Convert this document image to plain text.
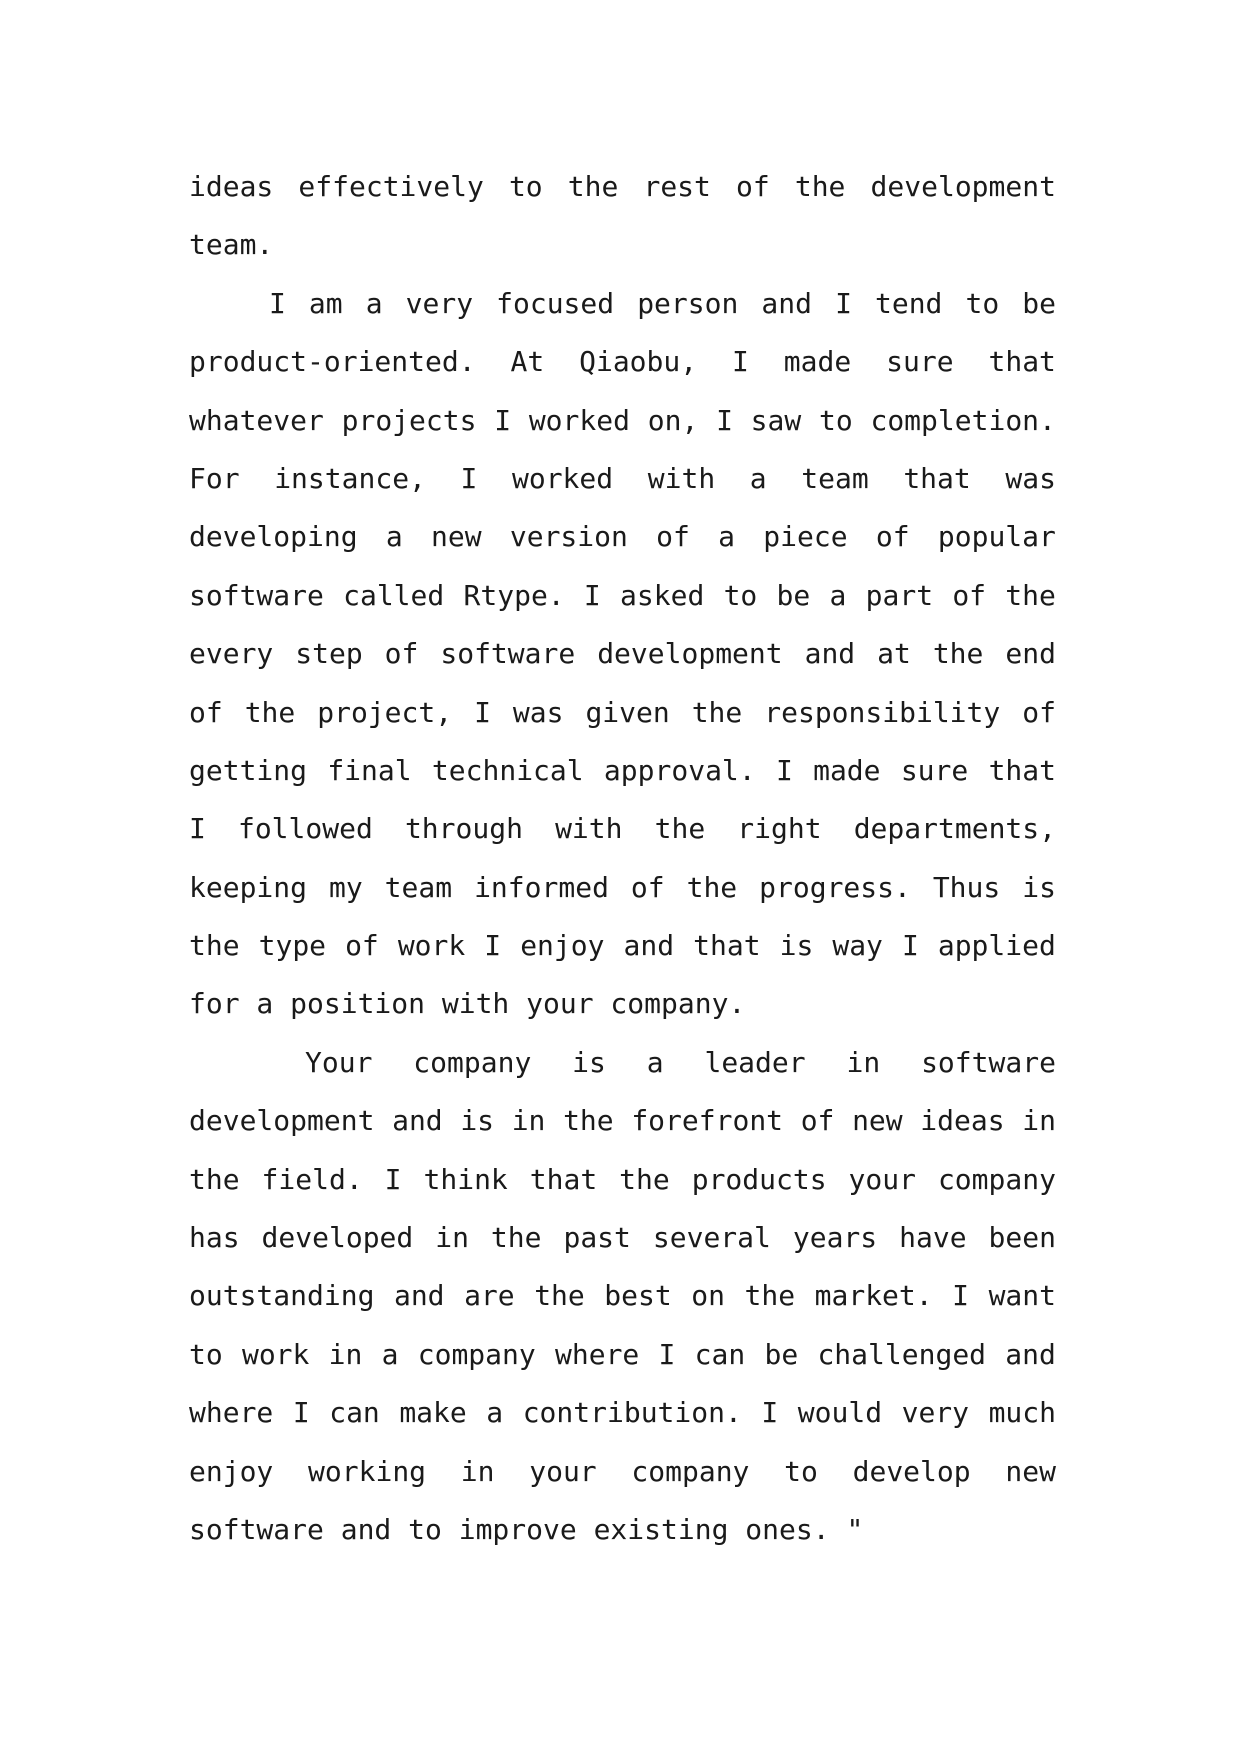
ideas effectively to the rest of the development
team.
I am a very focused person and I tend to be
product-oriented. At Qiaobu, I made sure that
whatever projects I worked on, I saw to completion.
For instance, I worked with a team that was
developing a new version of a piece of popular
software called Rtype. I asked to be a part of the
every step of software development and at the end
of the project, I was given the responsibility of
getting final technical approval. I made sure that
I followed through with the right departments,
keeping my team informed of the progress. Thus is
the type of work I enjoy and that is way I applied
for a position with your company.
Your company is a leader in software
development and is in the forefront of new ideas in
the field. I think that the products your company
has developed in the past several years have been
outstanding and are the best on the market. I want
to work in a company where I can be challenged and
where I can make a contribution. I would very much
enjoy working in your company to develop new
software and to improve existing ones. "
